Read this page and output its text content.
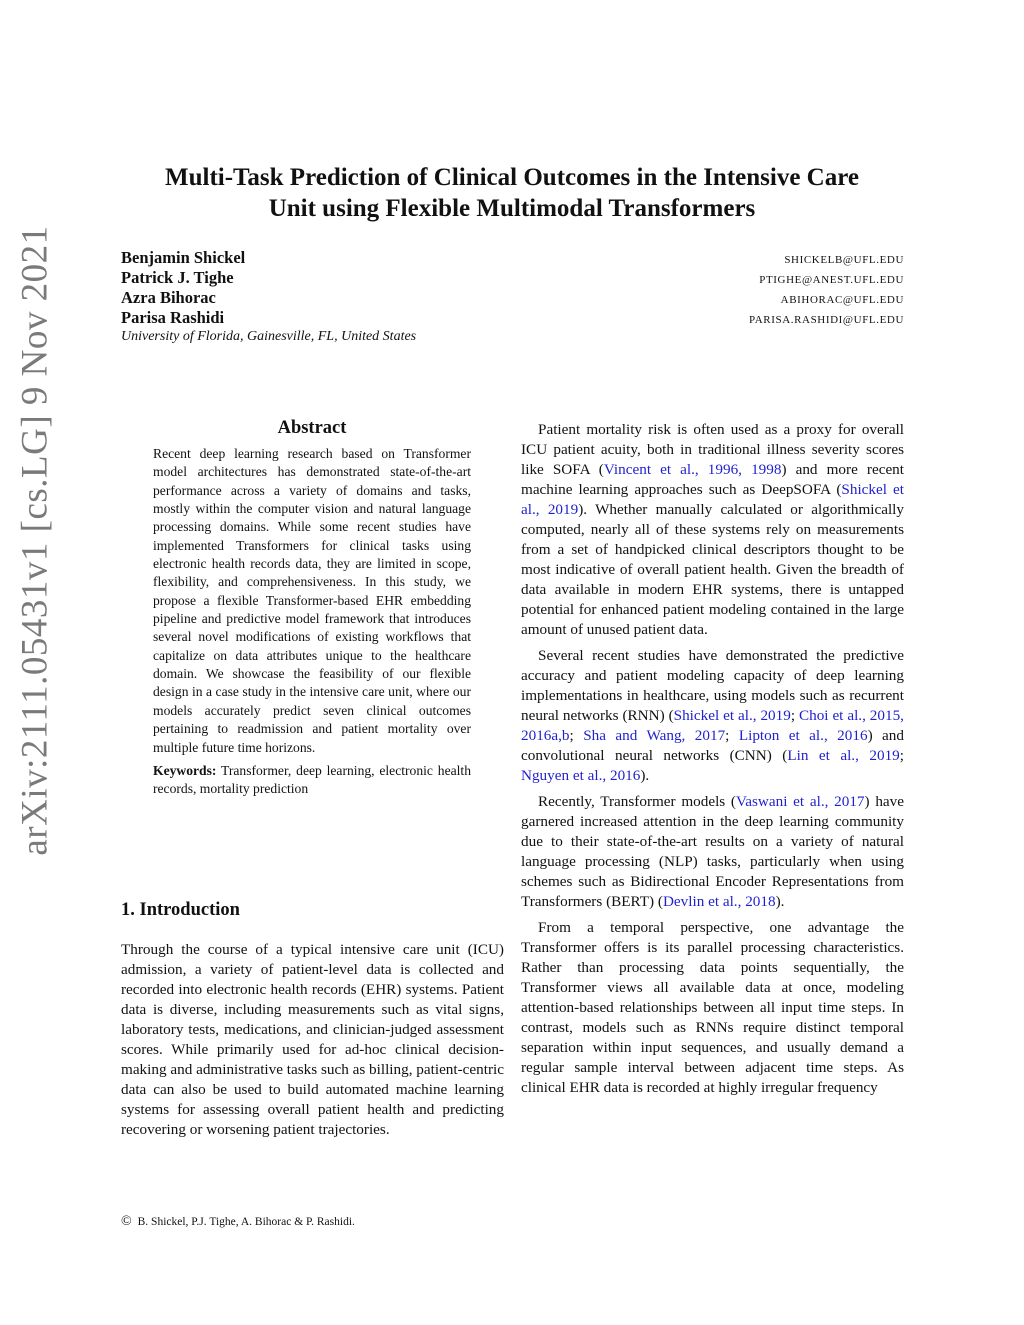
arXiv:2111.05431v1 [cs.LG] 9 Nov 2021
Multi-Task Prediction of Clinical Outcomes in the Intensive Care
Unit using Flexible Multimodal Transformers
Benjamin Shickel	SHICKELB@UFL.EDU
Patrick J. Tighe	PTIGHE@ANEST.UFL.EDU
Azra Bihorac	ABIHORAC@UFL.EDU
Parisa Rashidi	PARISA.RASHIDI@UFL.EDU
University of Florida, Gainesville, FL, United States
Abstract

Recent deep learning research based on Transformer model architectures has demonstrated state-of-the-art performance across a variety of domains and tasks, mostly within the computer vision and natural language processing domains. While some recent studies have implemented Transformers for clinical tasks using electronic health records data, they are limited in scope, flexibility, and comprehensiveness. In this study, we propose a flexible Transformer-based EHR embedding pipeline and predictive model framework that introduces several novel modifications of existing workflows that capitalize on data attributes unique to the healthcare domain. We showcase the feasibility of our flexible design in a case study in the intensive care unit, where our models accurately predict seven clinical outcomes pertaining to readmission and patient mortality over multiple future time horizons.

Keywords: Transformer, deep learning, electronic health records, mortality prediction

1. Introduction

Through the course of a typical intensive care unit (ICU) admission, a variety of patient-level data is collected and recorded into electronic health records (EHR) systems. Patient data is diverse, including measurements such as vital signs, laboratory tests, medications, and clinician-judged assessment scores. While primarily used for ad-hoc clinical decision-making and administrative tasks such as billing, patient-centric data can also be used to build automated machine learning systems for assessing overall patient health and predicting recovering or worsening patient trajectories.

Patient mortality risk is often used as a proxy for overall ICU patient acuity, both in traditional illness severity scores like SOFA (Vincent et al., 1996, 1998) and more recent machine learning approaches such as DeepSOFA (Shickel et al., 2019). Whether manually calculated or algorithmically computed, nearly all of these systems rely on measurements from a set of handpicked clinical descriptors thought to be most indicative of overall patient health. Given the breadth of data available in modern EHR systems, there is untapped potential for enhanced patient modeling contained in the large amount of unused patient data.

Several recent studies have demonstrated the predictive accuracy and patient modeling capacity of deep learning implementations in healthcare, using models such as recurrent neural networks (RNN) (Shickel et al., 2019; Choi et al., 2015, 2016a,b; Sha and Wang, 2017; Lipton et al., 2016) and convolutional neural networks (CNN) (Lin et al., 2019; Nguyen et al., 2016).

Recently, Transformer models (Vaswani et al., 2017) have garnered increased attention in the deep learning community due to their state-of-the-art results on a variety of natural language processing (NLP) tasks, particularly when using schemes such as Bidirectional Encoder Representations from Transformers (BERT) (Devlin et al., 2018).

From a temporal perspective, one advantage the Transformer offers is its parallel processing characteristics. Rather than processing data points sequentially, the Transformer views all available data at once, modeling attention-based relationships between all input time steps. In contrast, models such as RNNs require distinct temporal separation within input sequences, and usually demand a regular sample interval between adjacent time steps. As clinical EHR data is recorded at highly irregular frequency

© B. Shickel, P.J. Tighe, A. Bihorac & P. Rashidi.
